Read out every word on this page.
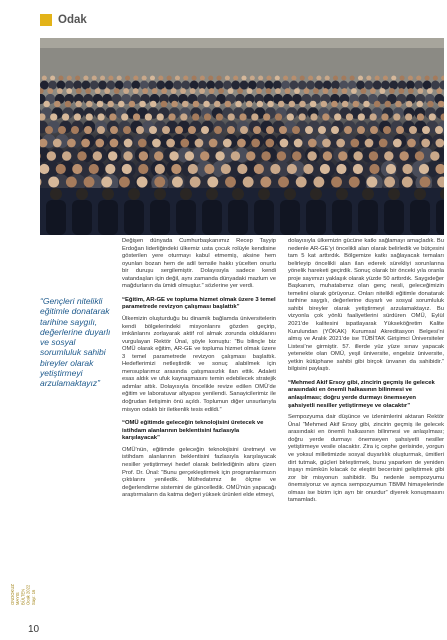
Odak
ONDOKUZ MAYIS BÜLTEN Ocak 2022 Sayı: 16
10
“Gençleri nitelikli eğitimle donatarak tarihine saygılı, değerlerine duyarlı ve sosyal sorumluluk sahibi bireyler olarak yetiştirmeyi arzulamaktayız”

Değişen dünyada Cumhurbaşkanımız Recep Tayyip Erdoğan liderliğindeki ülkemiz usta çocuk rolüyle kendisine gösterilen yere oturmayı kabul etmemiş, aksine hem oyunları bozan hem de adil temsile hakkı yücelten onurlu bir duruşu sergilemiştir. Dolayısıyla sadece kendi vatandaşları için değil, aynı zamanda dünyadaki mazlum ve mağdurların da ümidi olmuştur.” sözlerine yer verdi.

“Eğitim, AR-GE ve topluma hizmet olmak üzere 3 temel parametrede revizyon çalışması başlattık”

Ülkemizin oluşturduğu bu dinamik bağlamda üniversitelerin kendi bölgelerindeki misyonlarını gözden geçirip, imkânlarını zorlayarak aktif rol almak zorunda olduklarını vurgulayan Rektör Ünal, şöyle konuştu: “Bu bilinçle biz OMÜ olarak eğitim, AR-GE ve topluma hizmet olmak üzere 3 temel parametrede revizyon çalışması başlattık. Hedeflerimizi netleştirdik ve sonuç alabilmek için mensuplarımız arasında çatışmasızlık ilan ettik. Adaleti esas aldık ve ufuk kaynaşmasını temin edebilecek stratejik adımlar attık. Dolayısıyla öncelikle revize edilen OMÜ’de eğitim ve laboratuvar altyapısı yenilendi. Sanayicilerimiz ile doğrudan iletişimin önü açıldı. Toplumun diğer unsurlarıyla misyon odaklı bir iletkenlik tesis edildi.”

“OMÜ eğitimde geleceğin teknolojisini üretecek ve istihdam alanlarının beklentisini fazlasıyla karşılayacak”

OMÜ’nün, eğitimde geleceğin teknolojisini üretmeyi ve istihdam alanlarının beklentisini fazlasıyla karşılayacak nesiller yetiştirmeyi hedef olarak belirlediğinin altını çizen Prof. Dr. Ünal: “Bunu gerçekleştirmek için programlarımızın çıktılarını yeniledik. Müfredatımız ile ölçme ve değerlendirme sistemini de güncelledik. OMÜ’nün yapacağı araştırmaların da katma değeri yüksek ürünleri elde etmeyi,

dolayısıyla ülkemizin gücüne katkı sağlamayı amaçladık. Bu nedenle AR-GE’yi öncelikli alan olarak belirledik ve bütçesini tam 5 kat arttırdık. Bölgemize katkı sağlayacak temaları belirleyip öncelikli alan ilan ederek sürekliyi sorunlarına yönelik hareketi geçirdik. Sonuç olarak bir önceki yıla oranla proje sayımızı yaklaşık olarak yüzde 50 arttırdık. Saygıdeğer Başkanım, muhatabımız olan genç nesli, geleceğimizin temelini olarak görüyoruz. Onları nitelikli eğitimle donatarak tarihine saygılı, değerlerine duyarlı ve sosyal sorumluluk sahibi bireyler olarak yetiştirmeyi arzulamaktayız. Bu vizyonla çok yönlü faaliyetlerini sürdüren OMÜ, Eylül 2021’de kalitesini ispatlayarak Yükseköğretim Kalite Kurulundan (YÖKAK) Kurumsal Akreditasyon Belgesi’ni almış ve Aralık 2021’de ise TÜBİTAK Girişimci Üniversiteler Listesi’ne girmiştir. 57. illerde yüz yüze sınav yapacak yetenekte olan OMÜ, yeşil üniversite, engelsiz üniversite, yetkin kütüphane sahibi gibi birçok ünvanın da sahibidir.” bilgisini paylaştı.

“Mehmed Akif Ersoy gibi, zincirin geçmiş ile gelecek arasındaki en önemli halkasının bilinmesi ve anlaşılması; doğru yerde durmayı önemseyen şahsiyetli nesiller yetiştirmeye ve olacaktır”

Sempozyuma dair düşünce ve izlenimlerini aktaran Rektör Ünal “Mehmed Akif Ersoy gibi, zincirin geçmiş ile gelecek arasındaki en önemli halkasının bilinmesi ve anlaşılması; doğru yerde durmayı önemseyen şahsiyetli nesiller yetiştirmeye vesile olacaktır. Zira iç cephe gerisinde, yorgun ve yoksul milletimizde sosyal duyarlılık oluşturmak, ümitleri dirt tutmak, güçleri birleştirmek, bunu yaparken de yeniden inşayı mümkün kılacak öz eleştiri becerisini geliştirmek gibi zor bir misyonun sahibidir. Bu nedenle sempozyumu önemsiyoruz ve aynca sempozyumun TBMM himayelerinde olması ise bizim için ayrı bir onurdur” diyerek konuşmasını tamamladı.
